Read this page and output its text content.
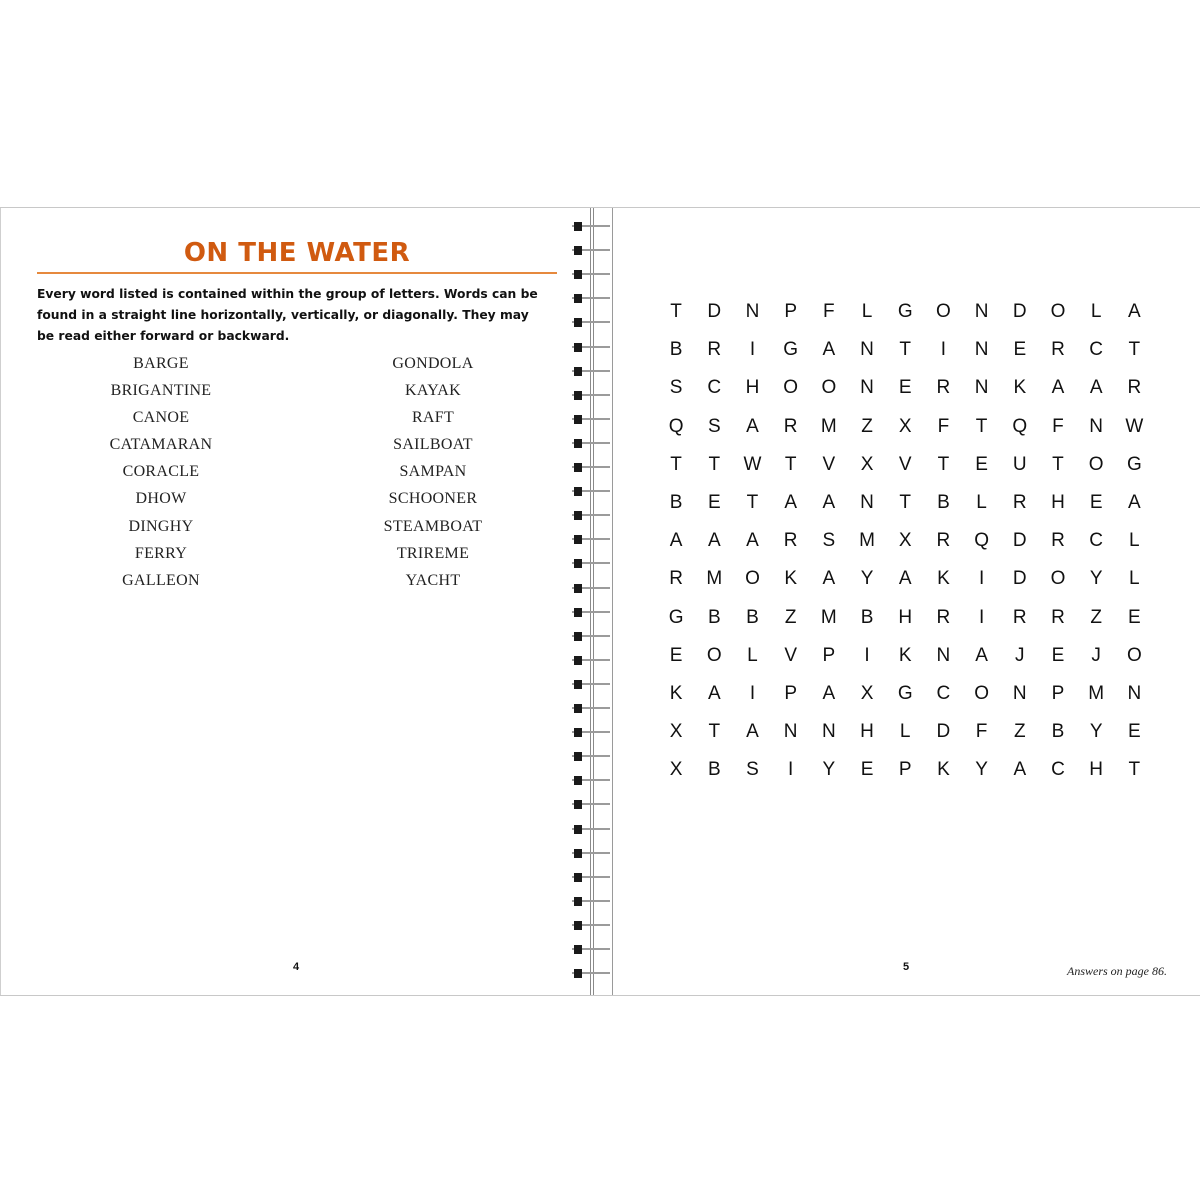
ON THE WATER
Every word listed is contained within the group of letters. Words can be found in a straight line horizontally, vertically, or diagonally. They may be read either forward or backward.
BARGE
BRIGANTINE
CANOE
CATAMARAN
CORACLE
DHOW
DINGHY
FERRY
GALLEON
GONDOLA
KAYAK
RAFT
SAILBOAT
SAMPAN
SCHOONER
STEAMBOAT
TRIREME
YACHT
4
T	D	N	P	F	L	G	O	N	D	O	L	A
B	R	I	G	A	N	T	I	N	E	R	C	T
S	C	H	O	O	N	E	R	N	K	A	A	R
Q	S	A	R	M	Z	X	F	T	Q	F	N	W
T	T	W	T	V	X	V	T	E	U	T	O	G
B	E	T	A	A	N	T	B	L	R	H	E	A
A	A	A	R	S	M	X	R	Q	D	R	C	L
R	M	O	K	A	Y	A	K	I	D	O	Y	L
G	B	B	Z	M	B	H	R	I	R	R	Z	E
E	O	L	V	P	I	K	N	A	J	E	J	O
K	A	I	P	A	X	G	C	O	N	P	M	N
X	T	A	N	N	H	L	D	F	Z	B	Y	E
X	B	S	I	Y	E	P	K	Y	A	C	H	T
5	Answers on page 86.
